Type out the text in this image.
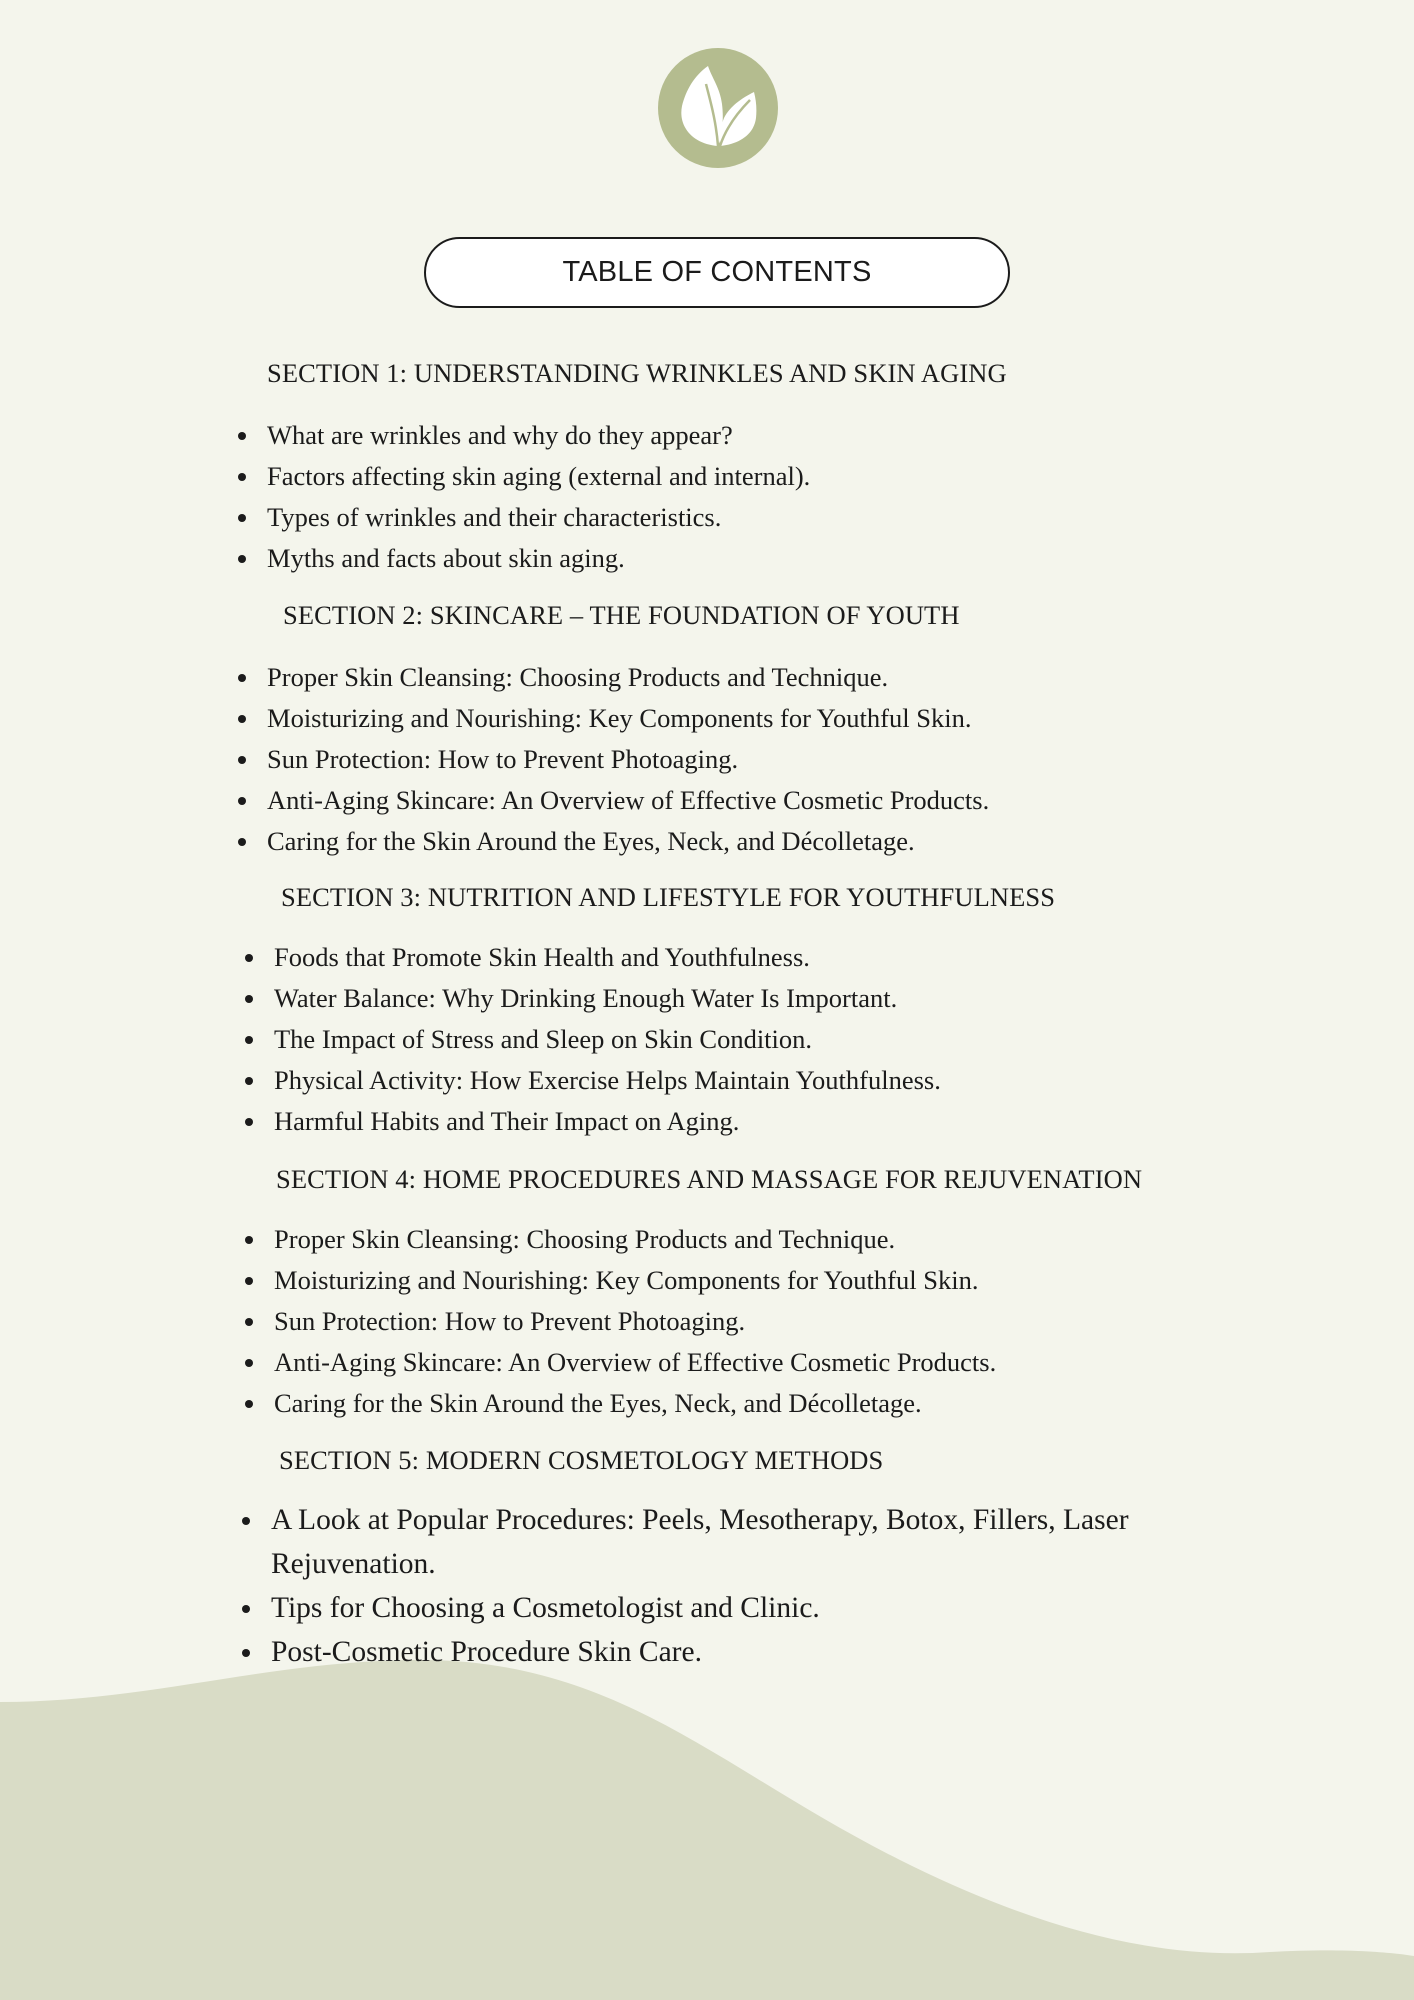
TABLE OF CONTENTS
SECTION 1: UNDERSTANDING WRINKLES AND SKIN AGING
What are wrinkles and why do they appear?
Factors affecting skin aging (external and internal).
Types of wrinkles and their characteristics.
Myths and facts about skin aging.
SECTION 2: SKINCARE – THE FOUNDATION OF YOUTH
Proper Skin Cleansing: Choosing Products and Technique.
Moisturizing and Nourishing: Key Components for Youthful Skin.
Sun Protection: How to Prevent Photoaging.
Anti-Aging Skincare: An Overview of Effective Cosmetic Products.
Caring for the Skin Around the Eyes, Neck, and Décolletage.
SECTION 3: NUTRITION AND LIFESTYLE FOR YOUTHFULNESS
Foods that Promote Skin Health and Youthfulness.
Water Balance: Why Drinking Enough Water Is Important.
The Impact of Stress and Sleep on Skin Condition.
Physical Activity: How Exercise Helps Maintain Youthfulness.
Harmful Habits and Their Impact on Aging.
SECTION 4: HOME PROCEDURES AND MASSAGE FOR REJUVENATION
Proper Skin Cleansing: Choosing Products and Technique.
Moisturizing and Nourishing: Key Components for Youthful Skin.
Sun Protection: How to Prevent Photoaging.
Anti-Aging Skincare: An Overview of Effective Cosmetic Products.
Caring for the Skin Around the Eyes, Neck, and Décolletage.
SECTION 5: MODERN COSMETOLOGY METHODS
A Look at Popular Procedures: Peels, Mesotherapy, Botox, Fillers, Laser Rejuvenation.
Tips for Choosing a Cosmetologist and Clinic.
Post-Cosmetic Procedure Skin Care.
